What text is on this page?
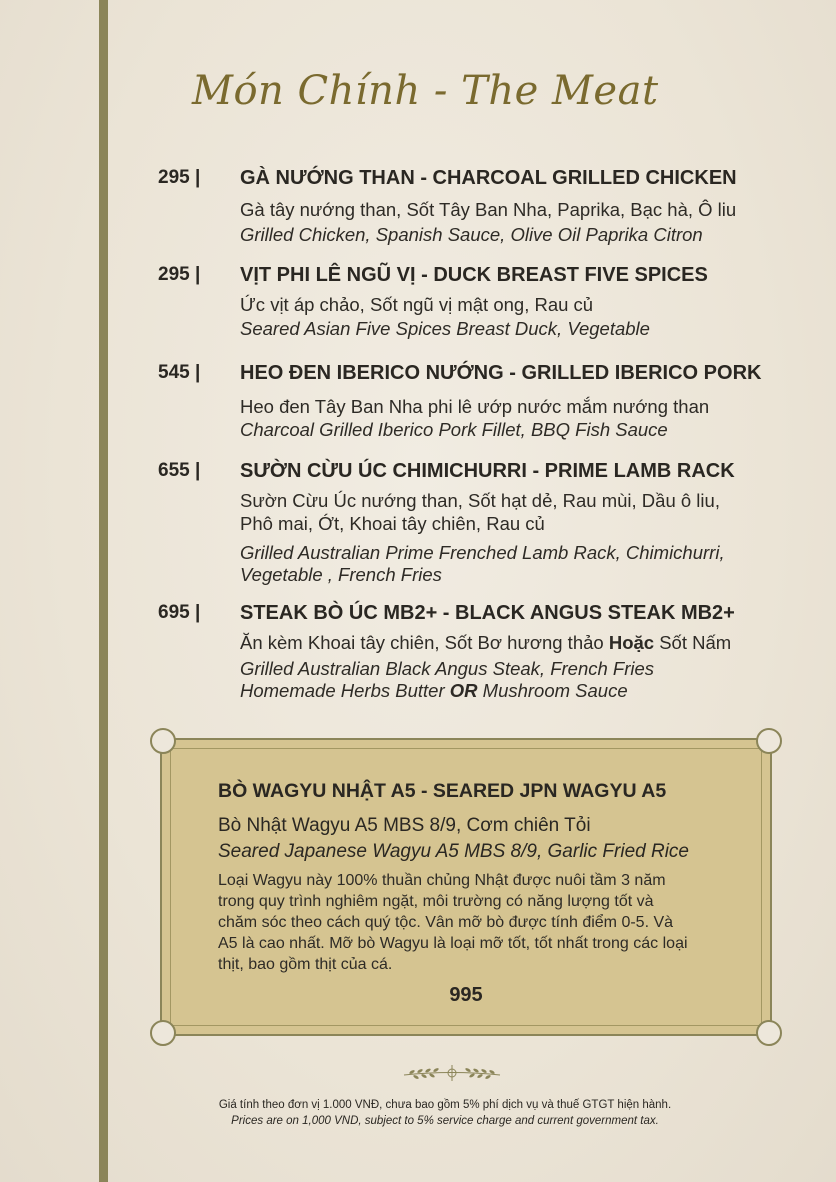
Món Chính - The Meat
295 | GÀ NƯỚNG THAN - CHARCOAL GRILLED CHICKEN
Gà tây nướng than, Sốt Tây Ban Nha, Paprika, Bạc hà, Ô liu
Grilled Chicken, Spanish Sauce, Olive Oil Paprika Citron
295 | VỊT PHI LÊ NGŨ VỊ - DUCK BREAST FIVE SPICES
Ức vịt áp chảo, Sốt ngũ vị mật ong, Rau củ
Seared Asian Five Spices Breast Duck, Vegetable
545 | HEO ĐEN IBERICO NƯỚNG - GRILLED IBERICO PORK
Heo đen Tây Ban Nha phi lê ướp nước mắm nướng than
Charcoal Grilled Iberico Pork Fillet, BBQ Fish Sauce
655 | SƯỜN CỪU ÚC CHIMICHURRI - PRIME LAMB RACK
Sườn Cừu Úc nướng than, Sốt hạt dẻ, Rau mùi, Dầu ô liu,
Phô mai, Ớt, Khoai tây chiên, Rau củ
Grilled Australian Prime Frenched Lamb Rack, Chimichurri,
Vegetable , French Fries
695 | STEAK BÒ ÚC MB2+ - BLACK ANGUS STEAK MB2+
Ăn kèm Khoai tây chiên, Sốt Bơ hương thảo Hoặc Sốt Nấm
Grilled Australian Black Angus Steak, French Fries
Homemade Herbs Butter OR Mushroom Sauce
BÒ WAGYU NHẬT A5 - SEARED JPN WAGYU A5
Bò Nhật Wagyu A5 MBS 8/9, Cơm chiên Tỏi
Seared Japanese Wagyu A5 MBS 8/9, Garlic Fried Rice
Loại Wagyu này 100% thuần chủng Nhật được nuôi tầm 3 năm
trong quy trình nghiêm ngặt, môi trường có năng lượng tốt và
chăm sóc theo cách quý tộc. Vân mỡ bò được tính điểm 0-5. Và
A5 là cao nhất. Mỡ bò Wagyu là loại mỡ tốt, tốt nhất trong các loại
thịt, bao gồm thịt của cá.
995
Giá tính theo đơn vị 1.000 VNĐ, chưa bao gồm 5% phí dịch vụ và thuế GTGT hiện hành.
Prices are on 1,000 VND, subject to 5% service charge and current government tax.
